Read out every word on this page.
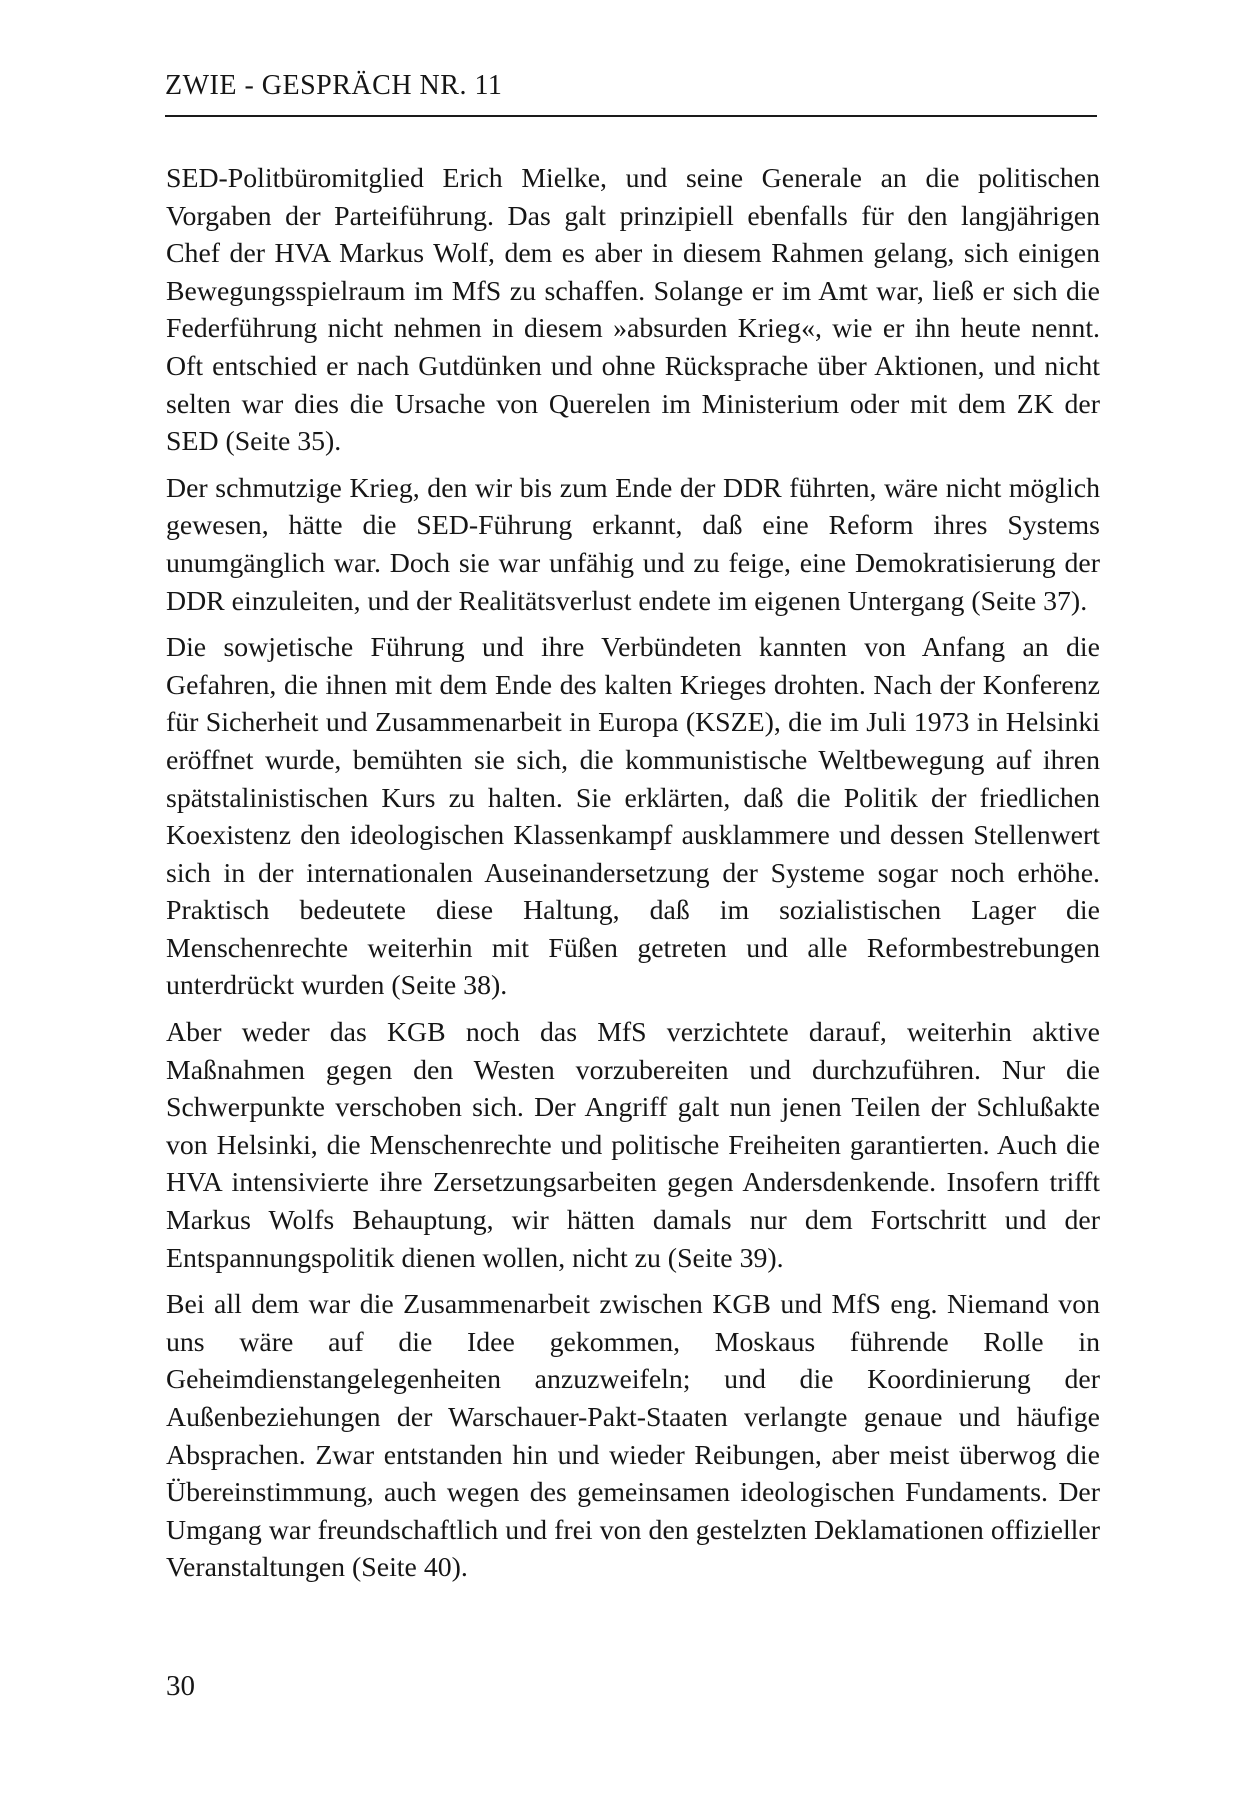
ZWIE - GESPRÄCH NR. 11

SED-Politbüromitglied Erich Mielke, und seine Generale an die politischen Vorgaben der Parteiführung. Das galt prinzipiell ebenfalls für den langjährigen Chef der HVA Markus Wolf, dem es aber in diesem Rahmen gelang, sich einigen Bewegungsspielraum im MfS zu schaffen. Solange er im Amt war, ließ er sich die Federführung nicht nehmen in diesem »absurden Krieg«, wie er ihn heute nennt. Oft entschied er nach Gutdünken und ohne Rücksprache über Aktionen, und nicht selten war dies die Ursache von Querelen im Ministerium oder mit dem ZK der SED (Seite 35).

Der schmutzige Krieg, den wir bis zum Ende der DDR führten, wäre nicht möglich gewesen, hätte die SED-Führung erkannt, daß eine Reform ihres Systems unumgänglich war. Doch sie war unfähig und zu feige, eine Demokratisierung der DDR einzuleiten, und der Realitätsverlust endete im eigenen Untergang (Seite 37).

Die sowjetische Führung und ihre Verbündeten kannten von Anfang an die Gefahren, die ihnen mit dem Ende des kalten Krieges drohten. Nach der Konferenz für Sicherheit und Zusammenarbeit in Europa (KSZE), die im Juli 1973 in Helsinki eröffnet wurde, bemühten sie sich, die kommunistische Weltbewegung auf ihren spätstalinistischen Kurs zu halten. Sie erklärten, daß die Politik der friedlichen Koexistenz den ideologischen Klassenkampf ausklammere und dessen Stellenwert sich in der internationalen Auseinandersetzung der Systeme sogar noch erhöhe. Praktisch bedeutete diese Haltung, daß im sozialistischen Lager die Menschenrechte weiterhin mit Füßen getreten und alle Reformbestrebungen unterdrückt wurden (Seite 38).

Aber weder das KGB noch das MfS verzichtete darauf, weiterhin aktive Maßnahmen gegen den Westen vorzubereiten und durchzuführen. Nur die Schwerpunkte verschoben sich. Der Angriff galt nun jenen Teilen der Schlußakte von Helsinki, die Menschenrechte und politische Freiheiten garantierten. Auch die HVA intensivierte ihre Zersetzungsarbeiten gegen Andersdenkende. Insofern trifft Markus Wolfs Behauptung, wir hätten damals nur dem Fortschritt und der Entspannungspolitik dienen wollen, nicht zu (Seite 39).

Bei all dem war die Zusammenarbeit zwischen KGB und MfS eng. Niemand von uns wäre auf die Idee gekommen, Moskaus führende Rolle in Geheimdienstangelegenheiten anzuzweifeln; und die Koordinierung der Außenbeziehungen der Warschauer-Pakt-Staaten verlangte genaue und häufige Absprachen. Zwar entstanden hin und wieder Reibungen, aber meist überwog die Übereinstimmung, auch wegen des gemeinsamen ideologischen Fundaments. Der Umgang war freundschaftlich und frei von den gestelzten Deklamationen offizieller Veranstaltungen (Seite 40).

30
